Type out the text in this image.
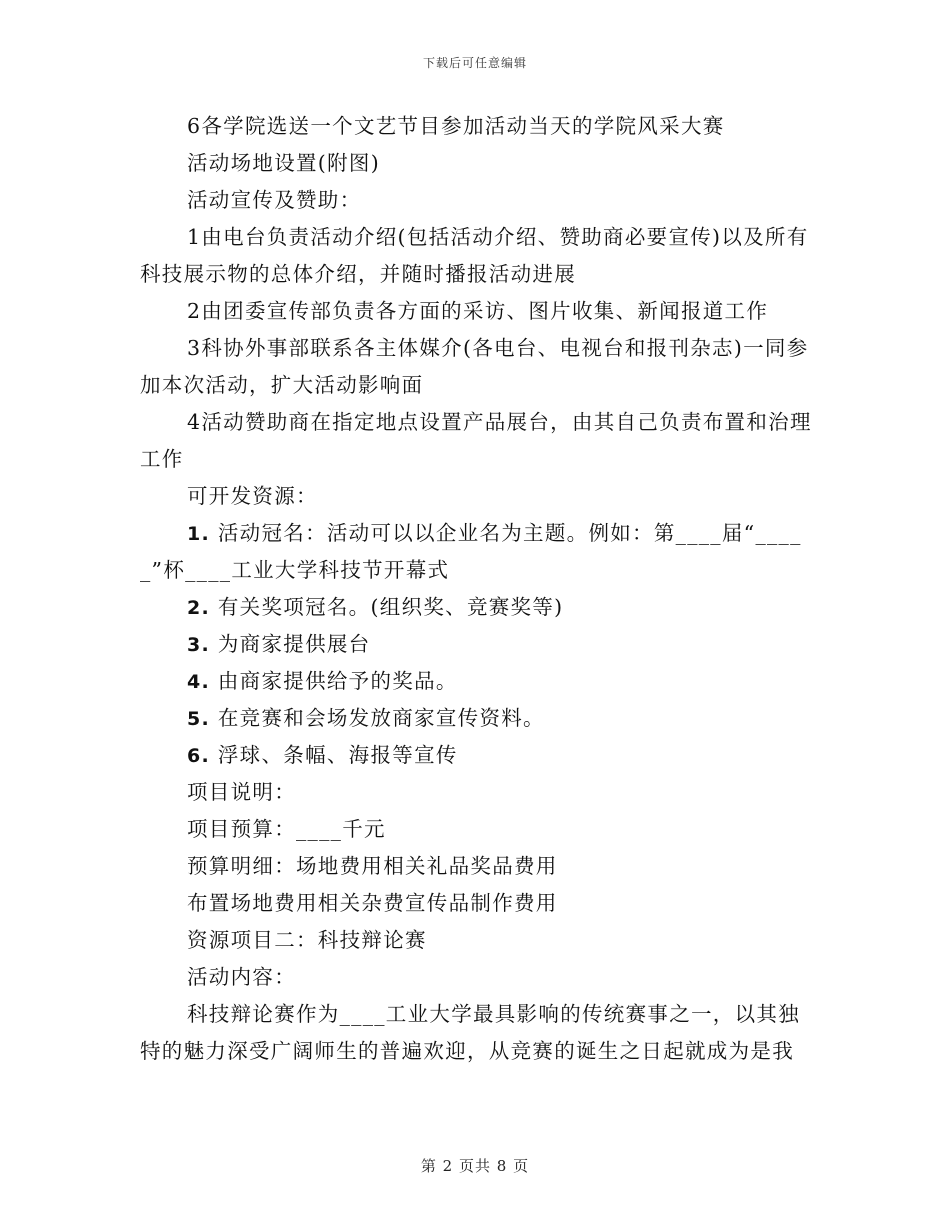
下载后可任意编辑
6各学院选送一个文艺节目参加活动当天的学院风采大赛
活动场地设置(附图)
活动宣传及赞助：
1由电台负责活动介绍(包括活动介绍、赞助商必要宣传)以及所有
科技展示物的总体介绍，并随时播报活动进展
2由团委宣传部负责各方面的采访、图片收集、新闻报道工作
3科协外事部联系各主体媒介(各电台、电视台和报刊杂志)一同参
加本次活动，扩大活动影响面
4活动赞助商在指定地点设置产品展台，由其自己负责布置和治理
工作
可开发资源：
1. 活动冠名：活动可以以企业名为主题。例如：第____届“____
_”杯____工业大学科技节开幕式
2. 有关奖项冠名。(组织奖、竞赛奖等)
3. 为商家提供展台
4. 由商家提供给予的奖品。
5. 在竞赛和会场发放商家宣传资料。
6. 浮球、条幅、海报等宣传
项目说明：
项目预算：____千元
预算明细：场地费用相关礼品奖品费用
布置场地费用相关杂费宣传品制作费用
资源项目二：科技辩论赛
活动内容：
科技辩论赛作为____工业大学最具影响的传统赛事之一，以其独
特的魅力深受广阔师生的普遍欢迎，从竞赛的诞生之日起就成为是我
第 2 页共 8 页
